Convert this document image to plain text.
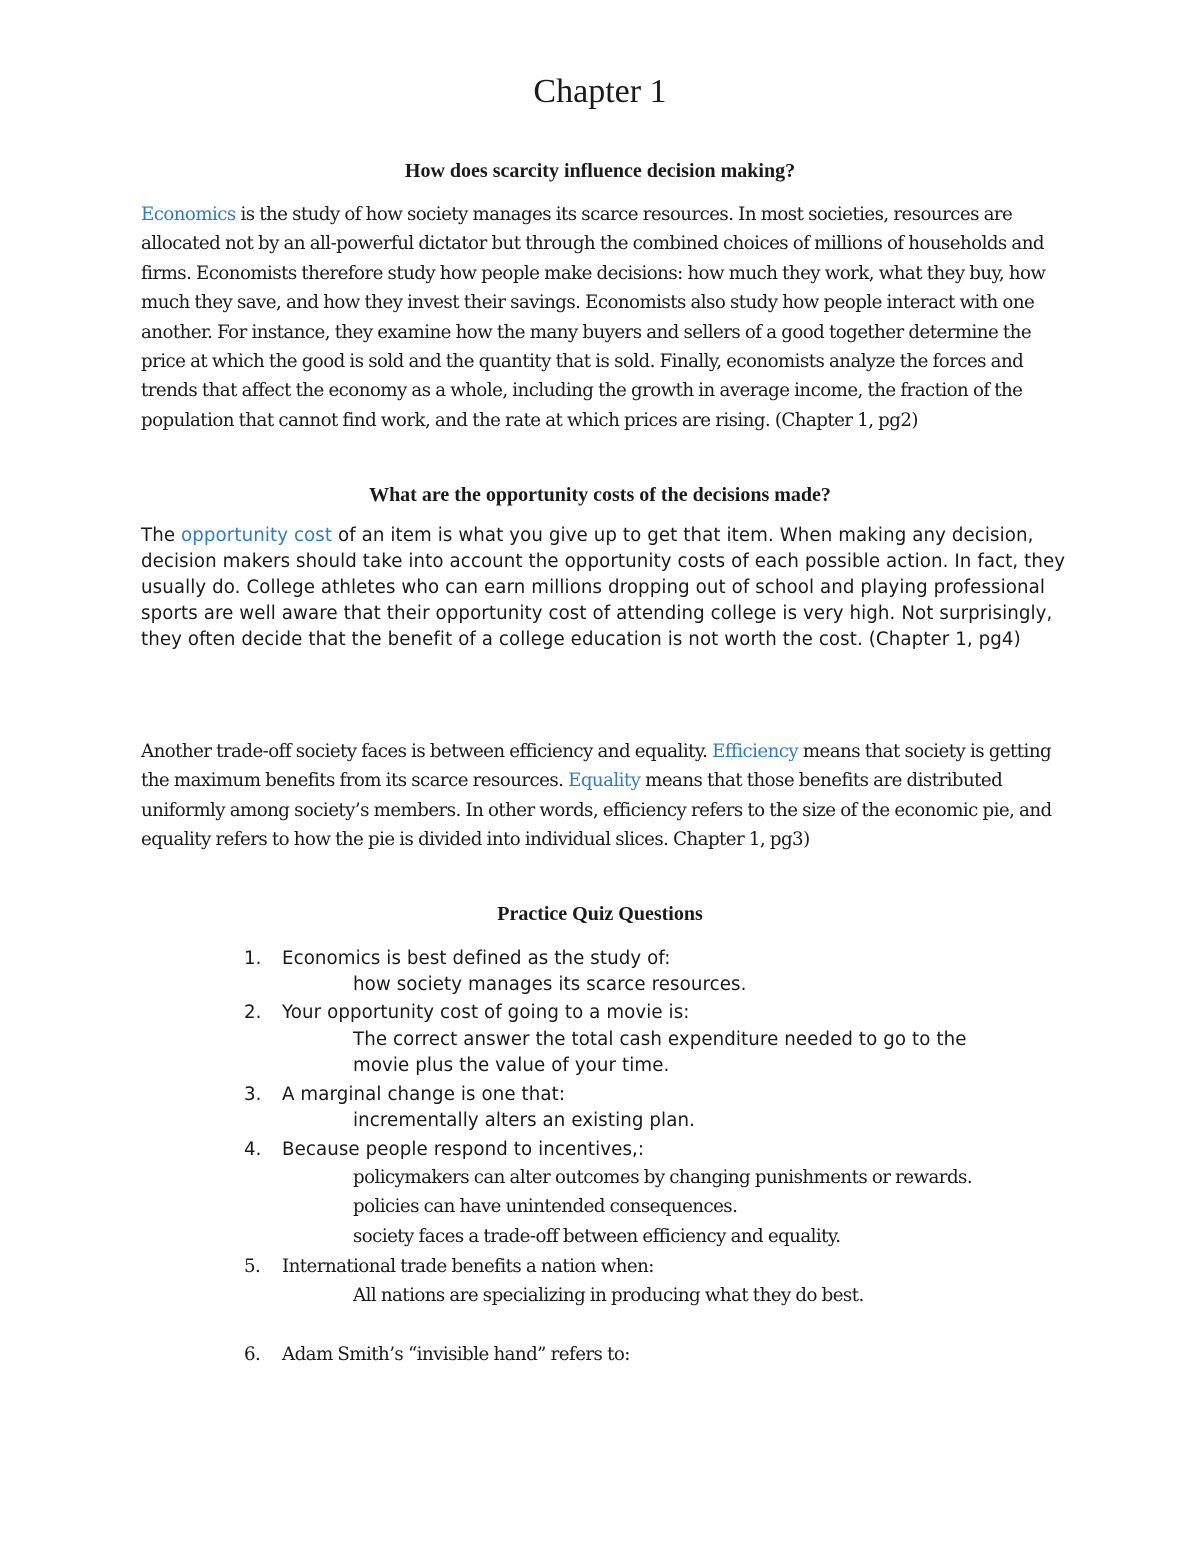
Chapter 1
How does scarcity influence decision making?

Economics is the study of how society manages its scarce resources. In most societies, resources are allocated not by an all-powerful dictator but through the combined choices of millions of households and firms. Economists therefore study how people make decisions: how much they work, what they buy, how much they save, and how they invest their savings. Economists also study how people interact with one another. For instance, they examine how the many buyers and sellers of a good together determine the price at which the good is sold and the quantity that is sold. Finally, economists analyze the forces and trends that affect the economy as a whole, including the growth in average income, the fraction of the population that cannot find work, and the rate at which prices are rising. (Chapter 1, pg2)

What are the opportunity costs of the decisions made?

The opportunity cost of an item is what you give up to get that item. When making any decision, decision makers should take into account the opportunity costs of each possible action. In fact, they usually do. College athletes who can earn millions dropping out of school and playing professional sports are well aware that their opportunity cost of attending college is very high. Not surprisingly, they often decide that the benefit of a college education is not worth the cost. (Chapter 1, pg4)

Another trade-off society faces is between efficiency and equality. Efficiency means that society is getting the maximum benefits from its scarce resources. Equality means that those benefits are distributed uniformly among society’s members. In other words, efficiency refers to the size of the economic pie, and equality refers to how the pie is divided into individual slices. Chapter 1, pg3)

Practice Quiz Questions
1.	Economics is best defined as the study of:
how society manages its scarce resources.
2.	Your opportunity cost of going to a movie is:
The correct answer the total cash expenditure needed to go to the
movie plus the value of your time.
3.	A marginal change is one that:
incrementally alters an existing plan.
4.	Because people respond to incentives,:
policymakers can alter outcomes by changing punishments or rewards.
policies can have unintended consequences.
society faces a trade-off between efficiency and equality.
5.	International trade benefits a nation when:
All nations are specializing in producing what they do best.
6.	Adam Smith’s “invisible hand” refers to:
